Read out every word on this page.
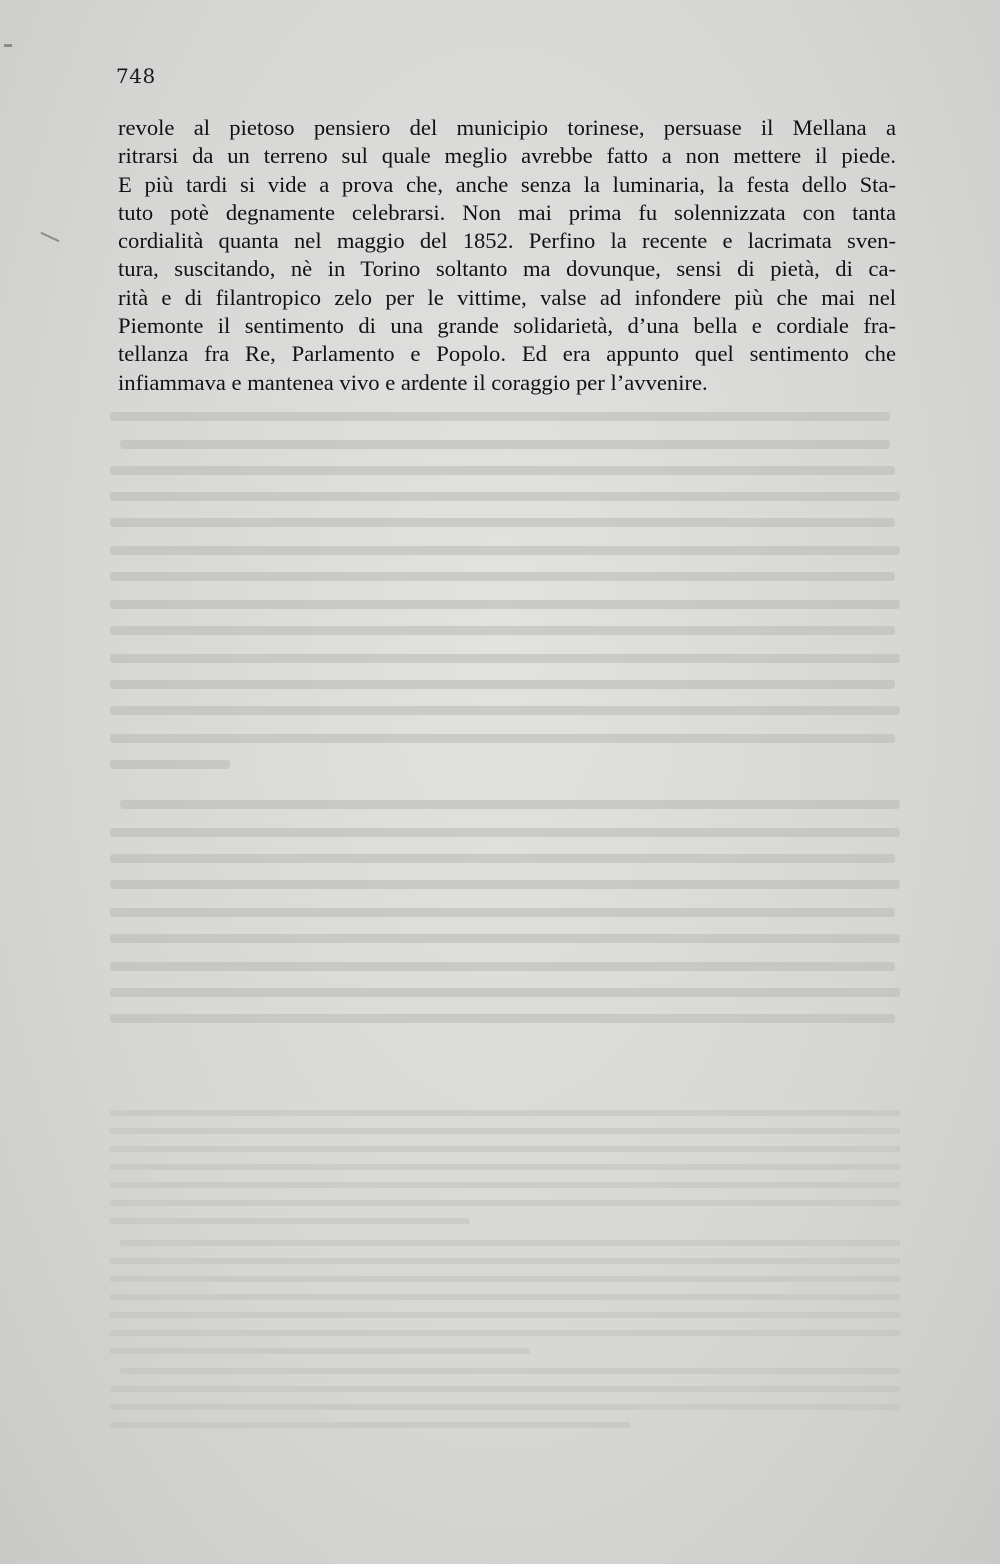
748
revole al pietoso pensiero del municipio torinese, persuase il Mellana a
ritrarsi da un terreno sul quale meglio avrebbe fatto a non mettere il piede.
E più tardi si vide a prova che, anche senza la luminaria, la festa dello Sta-
tuto potè degnamente celebrarsi. Non mai prima fu solennizzata con tanta
cordialità quanta nel maggio del 1852. Perfino la recente e lacrimata sven-
tura, suscitando, nè in Torino soltanto ma dovunque, sensi di pietà, di ca-
rità e di filantropico zelo per le vittime, valse ad infondere più che mai nel
Piemonte il sentimento di una grande solidarietà, d’una bella e cordiale fra-
tellanza fra Re, Parlamento e Popolo. Ed era appunto quel sentimento che
infiammava e mantenea vivo e ardente il coraggio per l’avvenire.
